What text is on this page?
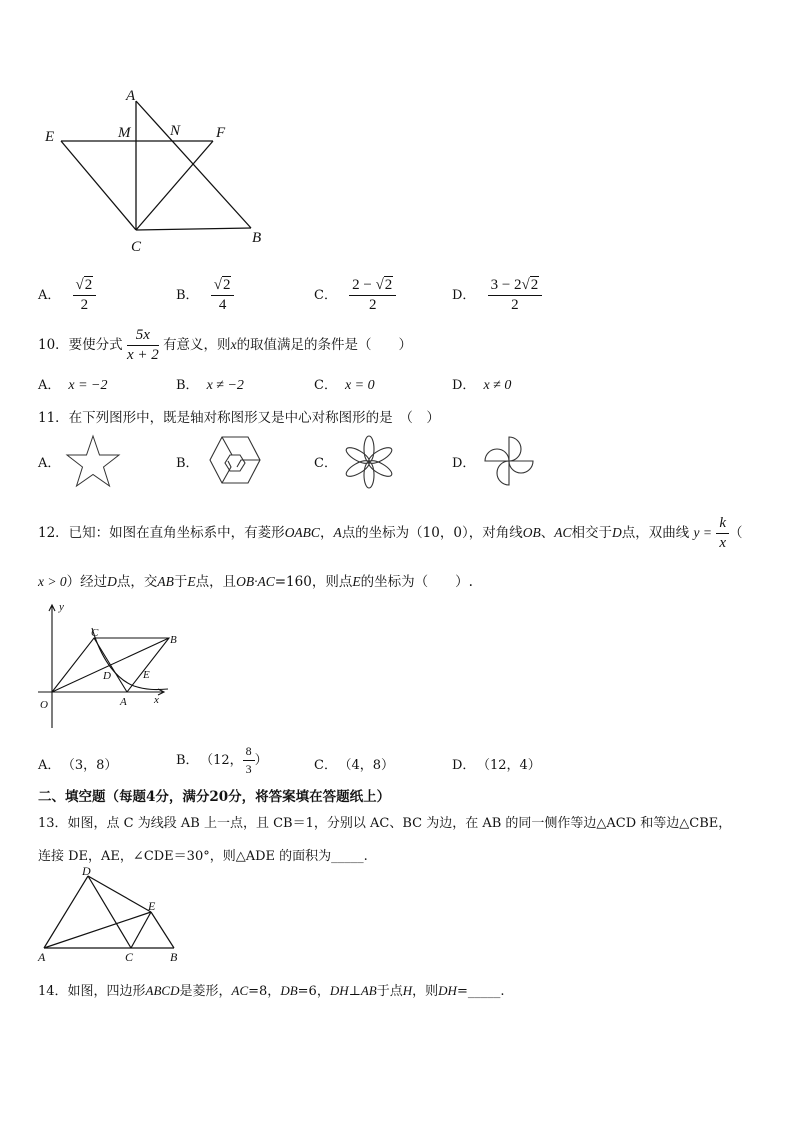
A
M	N
E	F
C
B
A． $\frac{√2}{2}$	B． $\frac{√2}{4}$	C． $\frac{2 - √2}{2}$	D． $\frac{3 - 2√2}{2}$
10．要使分式 $\frac{5x}{x + 2}$ 有意义，则x的取值满足的条件是（　　）
A． x = −2	B． x ≠ −2	C． x = 0	D． x ≠ 0
11．在下列图形中，既是轴对称图形又是中心对称图形的是　（　）
A．	B．	C．	D．
12．已知：如图在直角坐标系中，有菱形OABC，A点的坐标为（10，0），对角线OB、AC相交于D点，双曲线 $y = \frac{k}{x}$ （
x > 0）经过D点，交AB于E点，且OB·AC=160，则点E的坐标为（　　）.
y
x
O	A
B
C
D	E
A． （3，8）	B． （12， $\frac{8}{3}$ ）	C． （4，8）	D． （12，4）
二、填空题（每题4分，满分20分，将答案填在答题纸上）
13．如图，点 C 为线段 AB 上一点，且 CB＝1，分别以 AC、BC 为边，在 AB 的同一侧作等边△ACD 和等边△CBE，
连接 DE，AE，∠CDE＝30°，则△ADE 的面积为_____.
D
E
A	C	B
14．如图，四边形ABCD是菱形，AC=8，DB=6，DH⊥AB于点H，则DH=_____.
